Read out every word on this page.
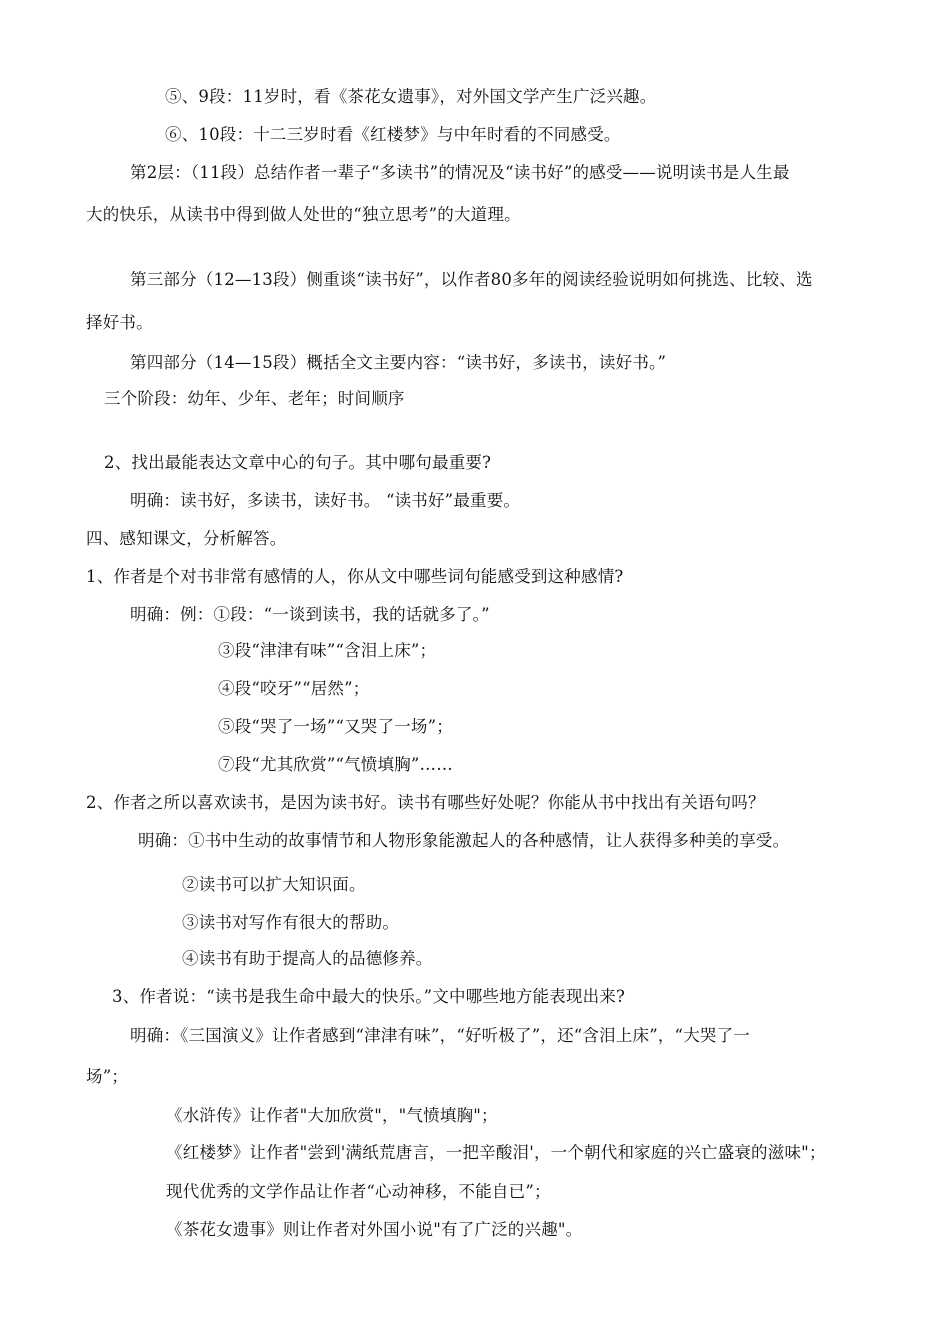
⑤、9段：11岁时，看《茶花女遗事》，对外国文学产生广泛兴趣。
⑥、10段：十二三岁时看《红楼梦》与中年时看的不同感受。
第2层：（11段）总结作者一辈子“多读书”的情况及“读书好”的感受——说明读书是人生最
大的快乐，从读书中得到做人处世的“独立思考”的大道理。
第三部分（12—13段）侧重谈“读书好”，以作者80多年的阅读经验说明如何挑选、比较、选
择好书。
第四部分（14—15段）概括全文主要内容：“读书好，多读书，读好书。”
三个阶段：幼年、少年、老年；时间顺序
2、找出最能表达文章中心的句子。其中哪句最重要?
明确：读书好，多读书，读好书。 “读书好”最重要。
四、感知课文，分析解答。
1、作者是个对书非常有感情的人，你从文中哪些词句能感受到这种感情?
明确：例：①段：“一谈到读书，我的话就多了。”
③段“津津有味”“含泪上床”；
④段“咬牙”“居然”；
⑤段“哭了一场”“又哭了一场”；
⑦段“尤其欣赏”“气愤填胸”……
2、作者之所以喜欢读书，是因为读书好。读书有哪些好处呢？你能从书中找出有关语句吗？
明确：①书中生动的故事情节和人物形象能激起人的各种感情，让人获得多种美的享受。
②读书可以扩大知识面。
③读书对写作有很大的帮助。
④读书有助于提高人的品德修养。
3、作者说：“读书是我生命中最大的快乐。”文中哪些地方能表现出来?
明确：《三国演义》让作者感到“津津有味”，“好听极了”，还“含泪上床”，“大哭了一
场”；
《水浒传》让作者"大加欣赏"，"气愤填胸"；
《红楼梦》让作者"尝到'满纸荒唐言，一把辛酸泪'，一个朝代和家庭的兴亡盛衰的滋味"；
现代优秀的文学作品让作者“心动神移，不能自已”；
《茶花女遗事》则让作者对外国小说"有了广泛的兴趣"。
